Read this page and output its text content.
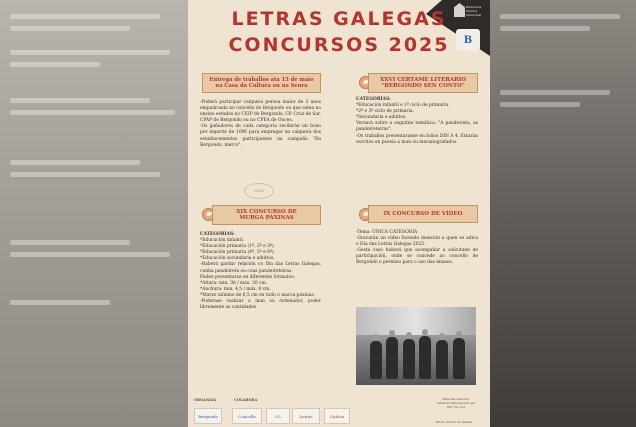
Biblioteca Pública Municipal
B
LETRAS GALEGAS
CONCURSOS 2025
Entrega de traballos ata 13 de maio
na Casa da Cultura ou na Senra

-Poderá participar calquera persoa maior de 3 anos empadroada no concello de Bergondo ou que estea no ensino estudos no CEIP de Bergondo, CP. Cruz de Sar, CPAP de Bergondo ou no CPEA de Ouces.

-Os gañadores de cada categoría recibirán un bono por importe de 100€ para empregar en calquera dos establecementos participantes na campaña "En Bergondo, merco".

BPM
XXVI CERTAME LITERARIO
"BERGONDO SEN CONTO"

CATEGORÍAS:

*Educación infantil e 1º ciclo de primaria.

*2º e 3º ciclo de primaria.

*Secundaria e adultos.

Versará sobre a seguinte temática: "A pandeireta, as pandeireteiras".

-Os traballos presentaranse en folios DIN A 4. Estarán escritos en poesía a man ou mecanografados.

XIX CONCURSO DE
MURGA PÁXINAS

CATEGORÍAS:

*Educación infantil.

*Educación primaria (1º, 2º e 3º).

*Educación primaria (4º, 5º e 6º).

*Educación secundaria e adultos.

-Haberá gardar relación co Día das Letras Galegas, cunha pandeireta ou coas pandeireteiras.

Poden presentarse en diferentes formatos:

*Altura: min. 30 / máx. 30 cm.

*Anchura: min. 4,5 / máx. 8 cm.

*Marxe mínimo de 0,5 cm en todo o marca-páxinas.

-Poderase realizar a man ou ordenador, poder libremente as cantidades

IX CONCURSO DE VÍDEO

-Tema: ÚNICA CATEGORÍA

-Gravarán un vídeo facendo mención a quen se adica o Día das Letras Galegas 2025.

-Gesta caso haberá que acompañar a solicitude de participación, onde se concede ao concello de Bergondo o permiso para o uso das imaxes.

Máis información:
biblioteca@bergondo.gal
981 791 xxx
ORGANIZA	COLABORA
Bergondo	Concello	CS	Letras	Galicia
Photo: Fondo de Galicia
